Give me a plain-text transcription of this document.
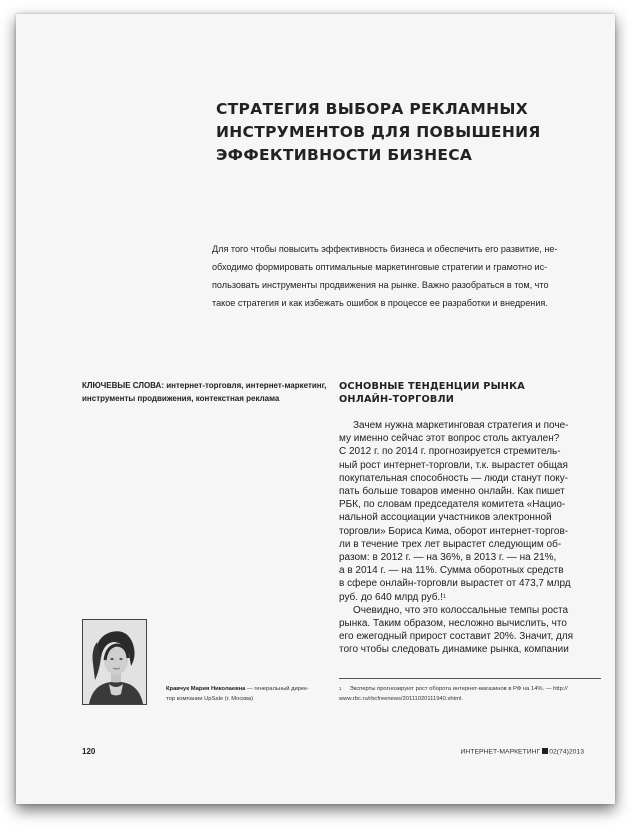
СТРАТЕГИЯ ВЫБОРА РЕКЛАМНЫХ
ИНСТРУМЕНТОВ ДЛЯ ПОВЫШЕНИЯ
ЭФФЕКТИВНОСТИ БИЗНЕСА
Для того чтобы повысить эффективность бизнеса и обеспечить его развитие, не-
обходимо формировать оптимальные маркетинговые стратегии и грамотно ис-
пользовать инструменты продвижения на рынке. Важно разобраться в том, что
такое стратегия и как избежать ошибок в процессе ее разработки и внедрения.
КЛЮЧЕВЫЕ СЛОВА: интернет-торговля, интернет-маркетинг,
инструменты продвижения, контекстная реклама
ОСНОВНЫЕ ТЕНДЕНЦИИ РЫНКА
ОНЛАЙН-ТОРГОВЛИ
Зачем нужна маркетинговая стратегия и поче-
му именно сейчас этот вопрос столь актуален?
С 2012 г. по 2014 г. прогнозируется стремитель-
ный рост интернет-торговли, т.к. вырастет общая
покупательная способность — люди станут поку-
пать больше товаров именно онлайн. Как пишет
РБК, по словам председателя комитета «Нацио-
нальной ассоциации участников электронной
торговли» Бориса Кима, оборот интернет-торгов-
ли в течение трех лет вырастет следующим об-
разом: в 2012 г. — на 36%, в 2013 г. — на 21%,
а в 2014 г. — на 11%. Сумма оборотных средств
в сфере онлайн-торговли вырастет от 473,7 млрд
руб. до 640 млрд руб.!$^1$
Очевидно, что это колоссальные темпы роста
рынка. Таким образом, несложно вычислить, что
его ежегодный прирост составит 20%. Значит, для
того чтобы следовать динамике рынка, компании
Кравчук Мария Николаевна — генеральный дирек-
тор компании UpSale (г. Москва)
$^1$ Эксперты прогнозируют рост оборота интернет-магазинов в РФ на 14%. — http://
www.rbc.ru/rbcfreenews/20111020111940.shtml.
120	ИНТЕРНЕТ-МАРКЕТИНГ 02(74)2013
